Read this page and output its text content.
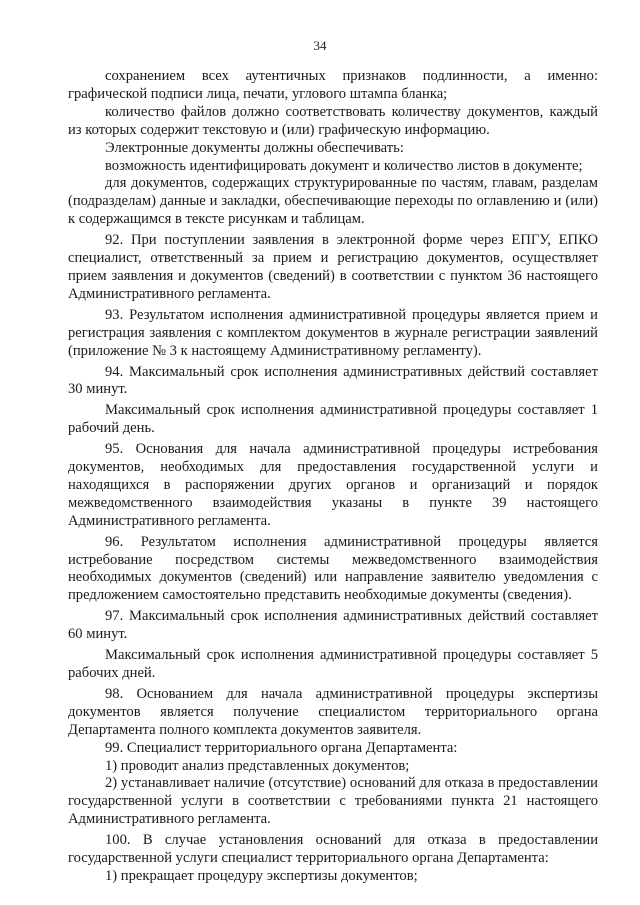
34

сохранением всех аутентичных признаков подлинности, а именно: графической подписи лица, печати, углового штампа бланка;

количество файлов должно соответствовать количеству документов, каждый из которых содержит текстовую и (или) графическую информацию.

Электронные документы должны обеспечивать:

возможность идентифицировать документ и количество листов в документе;

для документов, содержащих структурированные по частям, главам, разделам (подразделам) данные и закладки, обеспечивающие переходы по оглавлению и (или) к содержащимся в тексте рисункам и таблицам.

92. При поступлении заявления в электронной форме через ЕПГУ, ЕПКО специалист, ответственный за прием и регистрацию документов, осуществляет прием заявления и документов (сведений) в соответствии с пунктом 36 настоящего Административного регламента.

93. Результатом исполнения административной процедуры является прием и регистрация заявления с комплектом документов в журнале регистрации заявлений (приложение № 3 к настоящему Административному регламенту).

94. Максимальный срок исполнения административных действий составляет 30 минут.

Максимальный срок исполнения административной процедуры составляет 1 рабочий день.

95. Основания для начала административной процедуры истребования документов, необходимых для предоставления государственной услуги и находящихся в распоряжении других органов и организаций и порядок межведомственного взаимодействия указаны в пункте 39 настоящего Административного регламента.

96. Результатом исполнения административной процедуры является истребование посредством системы межведомственного взаимодействия необходимых документов (сведений) или направление заявителю уведомления с предложением самостоятельно представить необходимые документы (сведения).

97. Максимальный срок исполнения административных действий составляет 60 минут.

Максимальный срок исполнения административной процедуры составляет 5 рабочих дней.

98. Основанием для начала административной процедуры экспертизы документов является получение специалистом территориального органа Департамента полного комплекта документов заявителя.

99. Специалист территориального органа Департамента:

1) проводит анализ представленных документов;

2) устанавливает наличие (отсутствие) оснований для отказа в предоставлении государственной услуги в соответствии с требованиями пункта 21 настоящего Административного регламента.

100. В случае установления оснований для отказа в предоставлении государственной услуги специалист территориального органа Департамента:

1) прекращает процедуру экспертизы документов;
